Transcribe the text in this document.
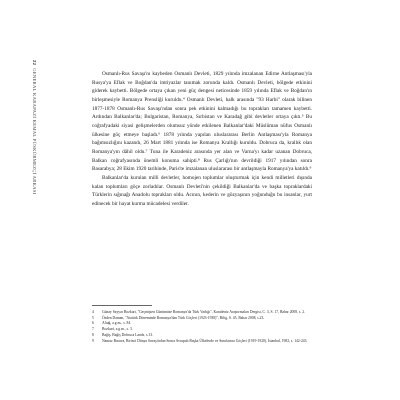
22GENERAL KARAPAZİ KEMAL PÜSKÜRMEZÇİ ARKASI	Osmanlı-Rus Savaşı'nı kaybeden Osmanlı Devleti, 1829 yılında imzalanan Edirne Antlaşması'yla Rusya'ya Eflak ve Boğdan'da imtiyazlar tanımak zorunda kaldı. Osmanlı Devleti, bölgede etkinini giderek kaybetti. Bölgede ortaya çıkan yeni güç dengesi neticesinde 1859 yılında Eflak ve Boğdan'ın birleşmesiyle Romanya Prensliği kuruldu.⁴ Osmanlı Devleti, halk arasında "93 Harbi" olarak bilinen 1877-1878 Osmanlı-Rus Savaşı'ndan sonra pek etkinini kalmadığı bu toprakları tamamen kaybetti. Ardından Balkanlar'da; Bulgaristan, Romanya, Sırbistan ve Karadağ gibi devletler ortaya çıktı.⁵ Bu coğrafyadaki siyasi gelişmelerden olumsuz yönde etkilenen Balkanlar'daki Müslüman nüfus Osmanlı ülkesine göç etmeye başladı.⁶ 1878 yılında yapılan uluslararası Berlin Antlaşması'yla Romanya bağımsızlığını kazandı, 26 Mart 1881 yılında ise Romanya Krallığı kuruldu. Dobruca da, krallık olan Romanya'yın dâhil oldu.⁷ Tuna ile Karadeniz arasında yer alan ve Varna'yı kadar uzanan Dobruca, Balkan coğrafyasında önemli konuma sahipti.⁸ Rus Çarlığı'nın devrildiği 1917 yılından sonra Basarabya; 28 Ekim 1920 tarihinde, Paris'te imzalanan uluslararası bir antlaşmayla Romanya'ya katıldı.⁹

Balkanlar'da kurulan milli devletler, homojen toplumlar oluşturmak için kendi milletleri dışında kalan toplumları göçe zorladılar. Osmanlı Devleti'nin çekildiği Balkanlar'da ve başka topraklardaki Türklerin sığınağı Anadolu toprakları oldu. Acının, kederin ve gözyaşının yoğunduğu bu insanlar, yurt edinecek bir hayat kurma mücadelesi verdiler.

4	Günay Sayyar Bozkurt, "Geçmişten Günümüze Romanya'da Türk Varlığı", Karadeniz Araştırmaları Dergisi, C. 3, S. 17, Bahar 2008, s. 2.
5	Özden Daman, "Atatürk Döneminde Romanya'dan Türk Göçleri (1923-1938)", Bilig, S. 45, Bahar 2008, s.23.
6	Altuğ, a.g.m., s. 84.
7	Bozkurt, a.g.m., s. 3.
8	Bağiş, Bağiş Dobruca Lands, s.13.
9	Namuz Baruva, Birinci Dünya Savaşı'ndan Sonra Avrupalı Başka Ülkelerde ve Sınırlarına Göçleri (1919-1920), İstanbul, 1982, s. 142-243.
